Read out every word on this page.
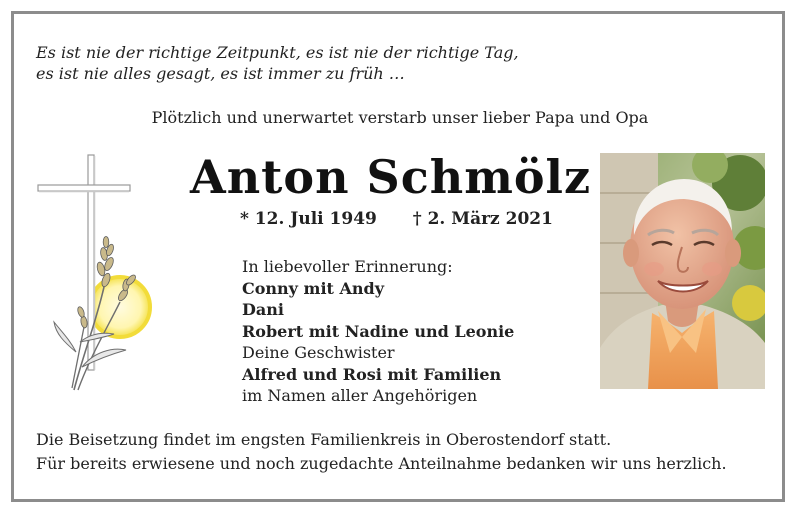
Es ist nie der richtige Zeitpunkt, es ist nie der richtige Tag,
es ist nie alles gesagt, es ist immer zu früh …
Plötzlich und unerwartet verstarb unser lieber Papa und Opa
Anton Schmölz
* 12. Juli 1949 † 2. März 2021
In liebevoller Erinnerung:
Conny mit Andy
Dani
Robert mit Nadine und Leonie
Deine Geschwister
Alfred und Rosi mit Familien
im Namen aller Angehörigen
Die Beisetzung findet im engsten Familienkreis in Oberostendorf statt.
Für bereits erwiesene und noch zugedachte Anteilnahme bedanken wir uns herzlich.
